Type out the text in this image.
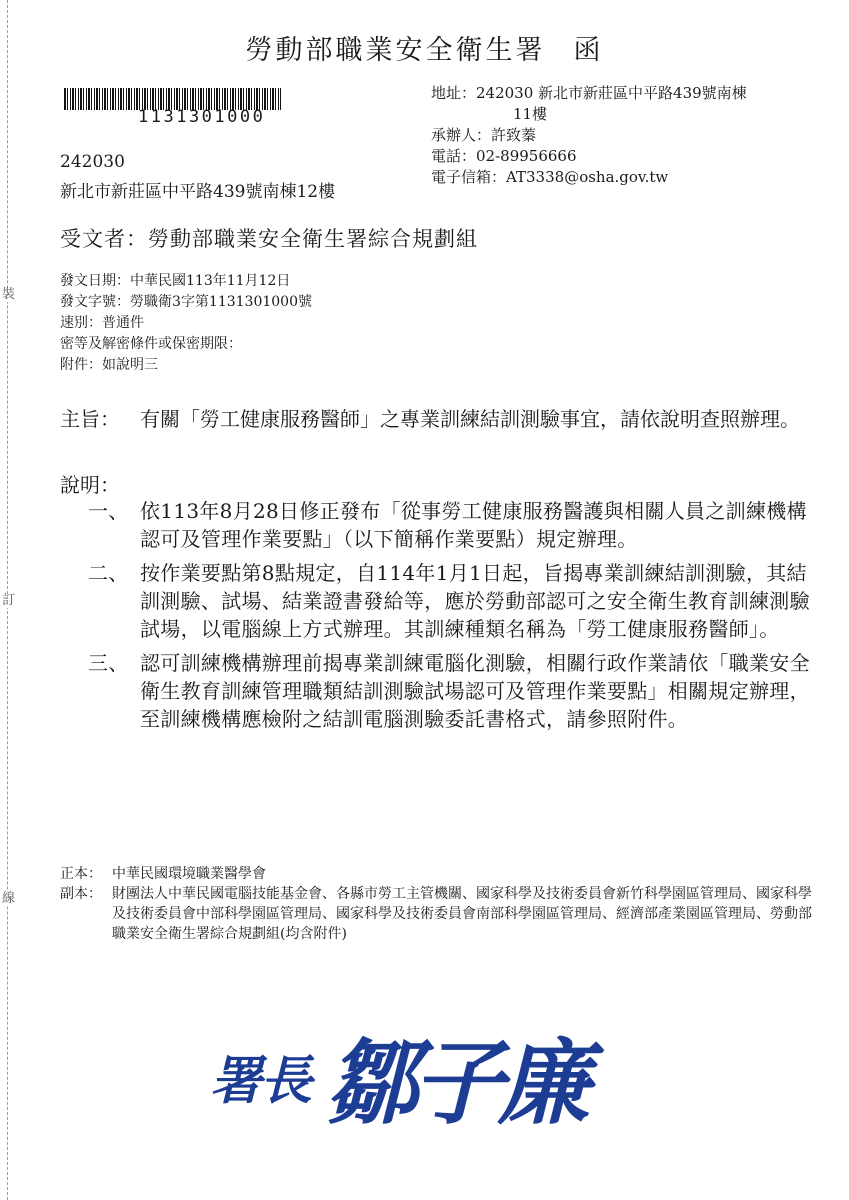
裝
訂
線
勞動部職業安全衛生署 函
1131301000
地址：242030 新北市新莊區中平路439號南棟
11樓
承辦人：許致蓁
電話：02-89956666
電子信箱：AT3338@osha.gov.tw
242030
新北市新莊區中平路439號南棟12樓
受文者：勞動部職業安全衛生署綜合規劃組
發文日期：中華民國113年11月12日
發文字號：勞職衛3字第1131301000號
速別：普通件
密等及解密條件或保密期限：
附件：如說明三
主旨： 有關「勞工健康服務醫師」之專業訓練結訓測驗事宜，請依說明查照辦理。
說明：
一、 依113年8月28日修正發布「從事勞工健康服務醫護與相關人員之訓練機構認可及管理作業要點」（以下簡稱作業要點）規定辦理。
二、 按作業要點第8點規定，自114年1月1日起，旨揭專業訓練結訓測驗，其結訓測驗、試場、結業證書發給等，應於勞動部認可之安全衛生教育訓練測驗試場，以電腦線上方式辦理。其訓練種類名稱為「勞工健康服務醫師」。
三、 認可訓練機構辦理前揭專業訓練電腦化測驗，相關行政作業請依「職業安全衛生教育訓練管理職類結訓測驗試場認可及管理作業要點」相關規定辦理，至訓練機構應檢附之結訓電腦測驗委託書格式，請參照附件。
正本： 中華民國環境職業醫學會
副本： 財團法人中華民國電腦技能基金會、各縣市勞工主管機關、國家科學及技術委員會新竹科學園區管理局、國家科學及技術委員會中部科學園區管理局、國家科學及技術委員會南部科學園區管理局、經濟部產業園區管理局、勞動部職業安全衛生署綜合規劃組(均含附件)
署長 鄒子廉
